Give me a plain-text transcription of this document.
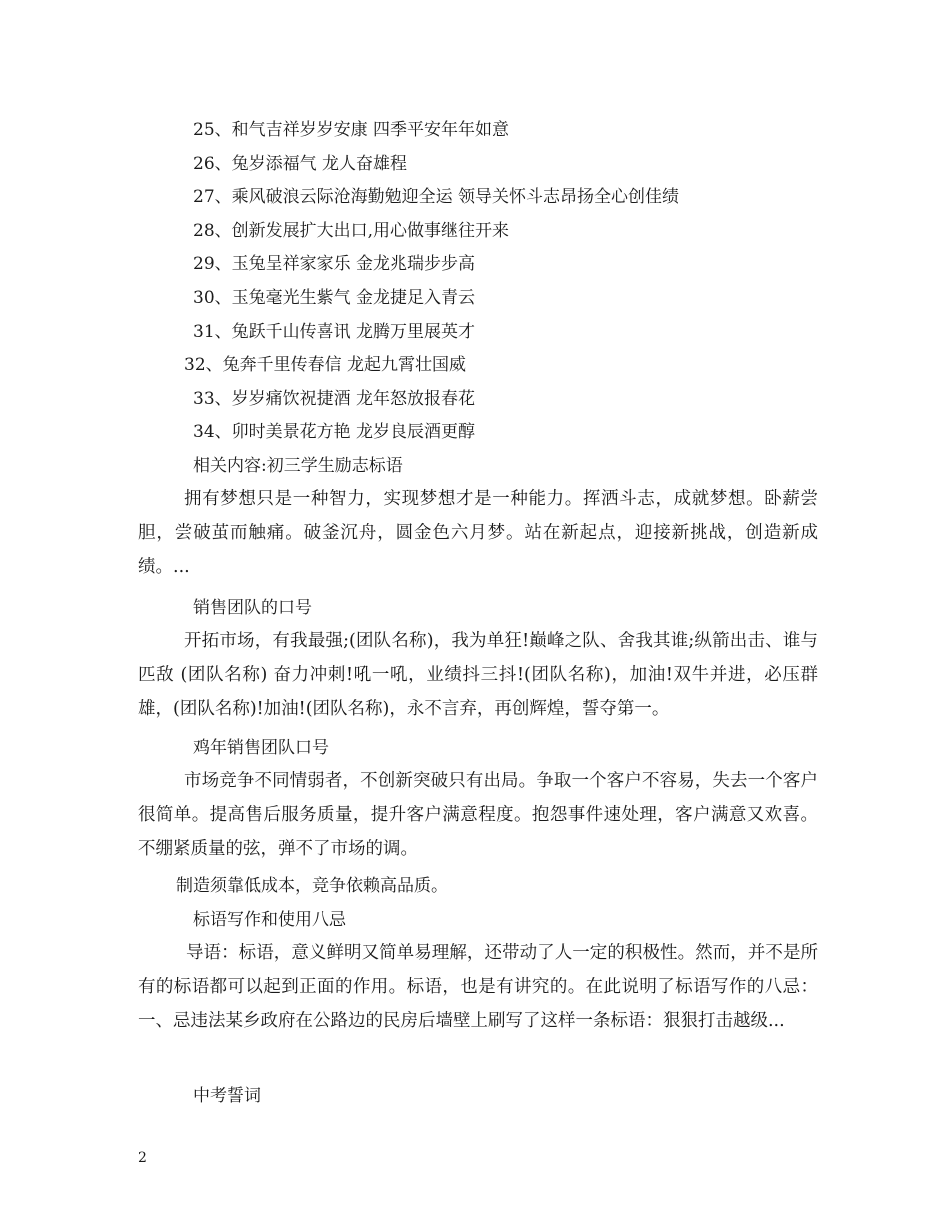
25、和气吉祥岁岁安康 四季平安年年如意
26、兔岁添福气 龙人奋雄程
27、乘风破浪云际沧海勤勉迎全运 领导关怀斗志昂扬全心创佳绩
28、创新发展扩大出口,用心做事继往开来
29、玉兔呈祥家家乐 金龙兆瑞步步高
30、玉兔毫光生紫气 金龙捷足入青云
31、兔跃千山传喜讯 龙腾万里展英才
32、兔奔千里传春信 龙起九霄壮国威
33、岁岁痛饮祝捷酒 龙年怒放报春花
34、卯时美景花方艳 龙岁良辰酒更醇
相关内容:初三学生励志标语
拥有梦想只是一种智力，实现梦想才是一种能力。挥洒斗志，成就梦想。卧薪尝胆，尝破茧而触痛。破釜沉舟，圆金色六月梦。站在新起点，迎接新挑战，创造新成绩。...
销售团队的口号
开拓市场，有我最强;(团队名称)，我为单狂!巅峰之队、舍我其谁;纵箭出击、谁与匹敌 (团队名称) 奋力冲刺!吼一吼，业绩抖三抖!(团队名称)，加油!双牛并进，必压群雄，(团队名称)!加油!(团队名称)，永不言弃，再创辉煌，誓夺第一。
鸡年销售团队口号
市场竞争不同情弱者，不创新突破只有出局。争取一个客户不容易，失去一个客户很简单。提高售后服务质量，提升客户满意程度。抱怨事件速处理，客户满意又欢喜。不绷紧质量的弦，弹不了市场的调。
制造须靠低成本，竞争依赖高品质。
标语写作和使用八忌
导语：标语，意义鲜明又简单易理解，还带动了人一定的积极性。然而，并不是所有的标语都可以起到正面的作用。标语，也是有讲究的。在此说明了标语写作的八忌：一、忌违法某乡政府在公路边的民房后墙壁上刷写了这样一条标语：狠狠打击越级...
中考誓词
2
